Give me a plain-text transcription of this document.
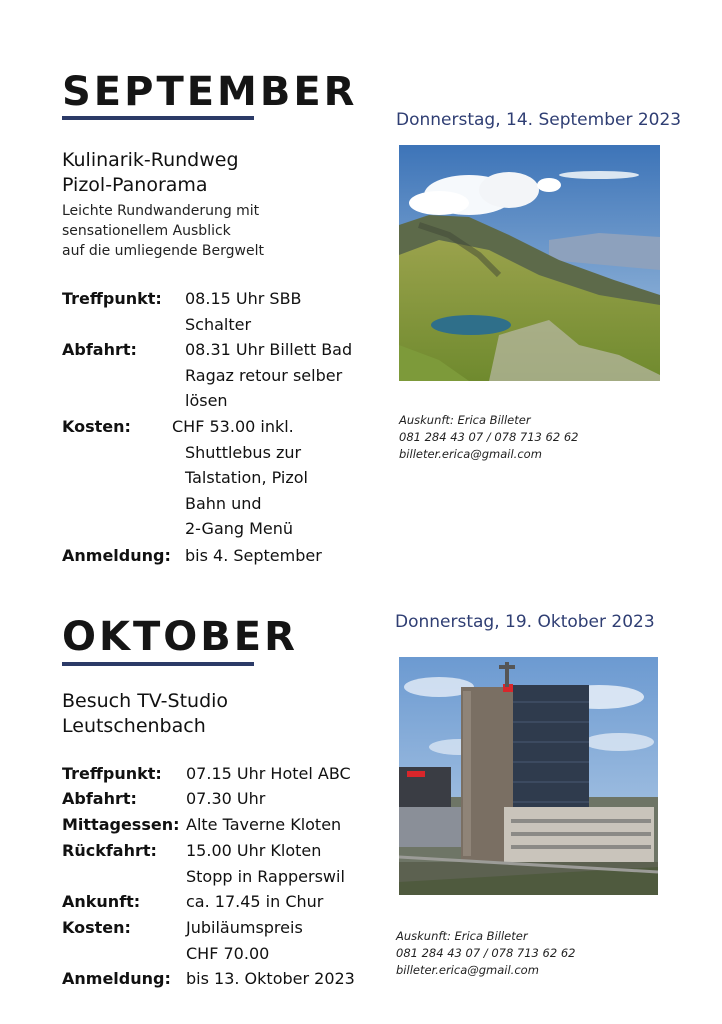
SEPTEMBER
Donnerstag, 14. September 2023
Kulinarik-Rundweg
Pizol-Panorama
Leichte Rundwanderung mit
sensationellem Ausblick
auf die umliegende Bergwelt
Treffpunkt: 08.15 Uhr SBB
Schalter
Abfahrt:	08.31 Uhr Billett Bad
Ragaz retour selber
lösen
Kosten:	CHF 53.00 inkl.
Shuttlebus zur
Talstation, Pizol
Bahn und
2-Gang Menü
Anmeldung: bis 4. September
Auskunft: Erica Billeter
081 284 43 07 / 078 713 62 62
billeter.erica@gmail.com
OKTOBER	Donnerstag, 19. Oktober 2023
Besuch TV-Studio
Leutschenbach
Treffpunkt: 07.15 Uhr Hotel ABC
Abfahrt:	07.30 Uhr
Mittagessen: Alte Taverne Kloten
Rückfahrt: 15.00 Uhr Kloten
Stopp in Rapperswil
Ankunft:	ca. 17.45 in Chur
Kosten:	Jubiläumspreis
CHF 70.00
Anmeldung: bis 13. Oktober 2023
Auskunft: Erica Billeter
081 284 43 07 / 078 713 62 62
billeter.erica@gmail.com
